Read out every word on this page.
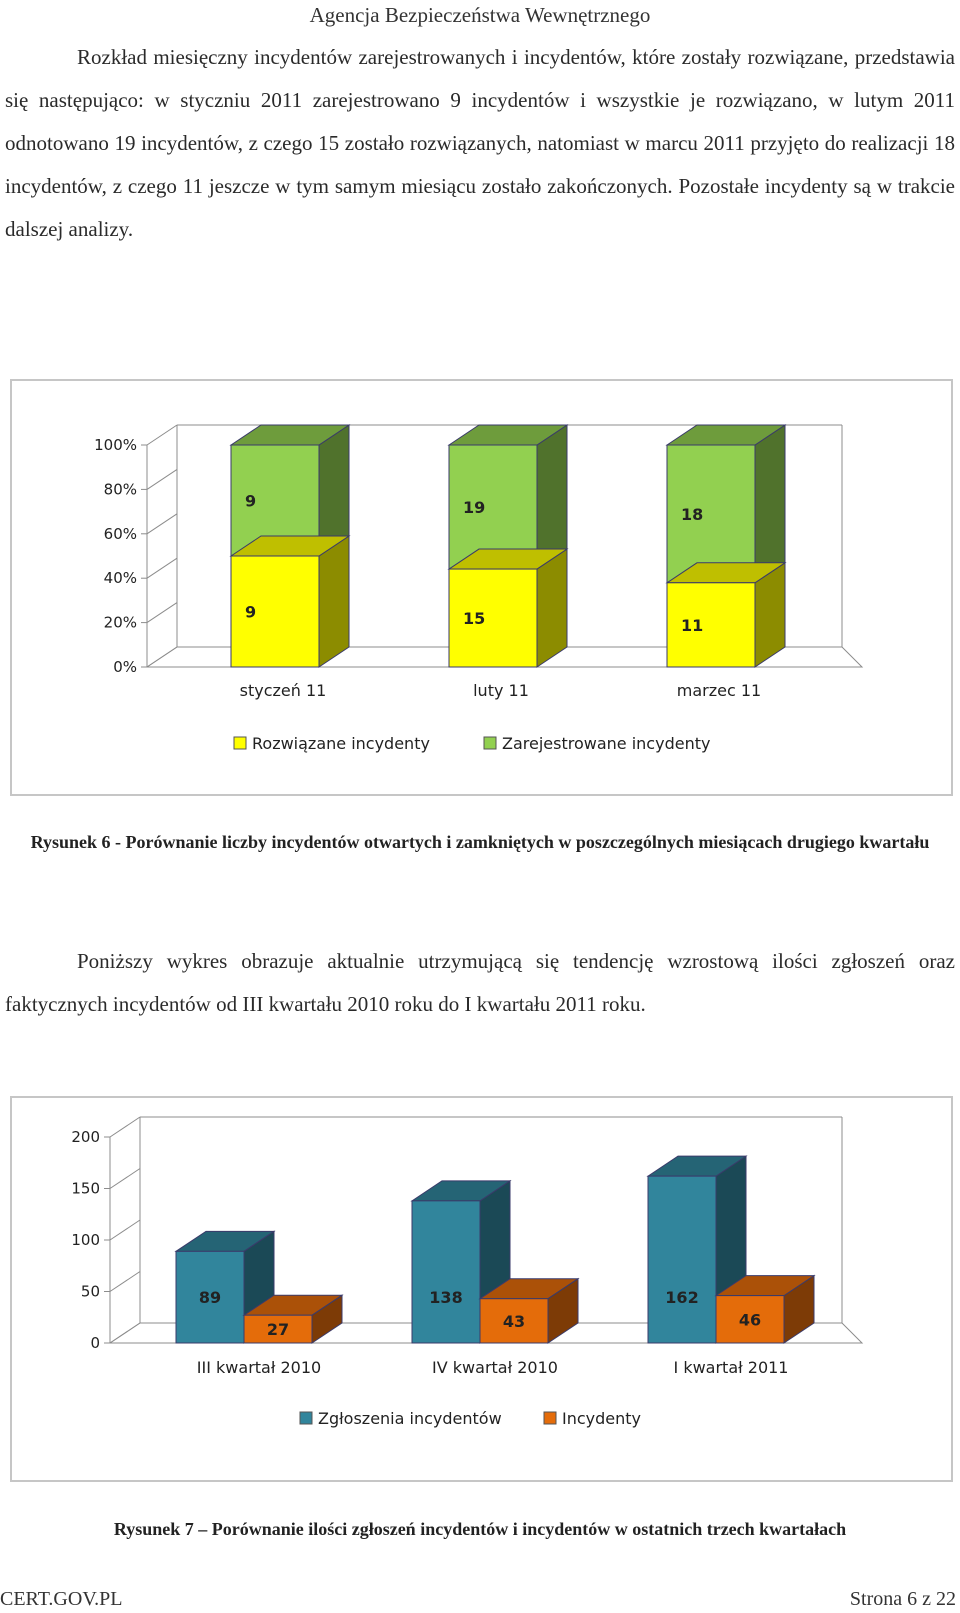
Agencja Bezpieczeństwa Wewnętrznego

Rozkład miesięczny incydentów zarejestrowanych i incydentów, które zostały rozwiązane, przedstawia się następująco: w styczniu 2011 zarejestrowano 9 incydentów i wszystkie je rozwiązano, w lutym 2011 odnotowano 19 incydentów, z czego 15 zostało rozwiązanych, natomiast w marcu 2011 przyjęto do realizacji 18 incydentów, z czego 11 jeszcze w tym samym miesiącu zostało zakończonych. Pozostałe incydenty są w trakcie dalszej analizy.

0%
20%
40%
60%
80%
100%
9
9
styczeń 11
19
15
luty 11
18
11
marzec 11
Rozwiązane incydenty	Zarejestrowane incydenty
Rysunek 6 - Porównanie liczby incydentów otwartych i zamkniętych w poszczególnych miesiącach drugiego kwartału

Poniższy wykres obrazuje aktualnie utrzymującą się tendencję wzrostową ilości zgłoszeń oraz faktycznych incydentów od III kwartału 2010 roku do I kwartału 2011 roku.

0
50
100
150
200
89
27
III kwartał 2010
138
43
IV kwartał 2010
162
46
I kwartał 2011
Zgłoszenia incydentów	Incydenty
Rysunek 7 – Porównanie ilości zgłoszeń incydentów i incydentów w ostatnich trzech kwartałach
CERT.GOV.PL	Strona 6 z 22
